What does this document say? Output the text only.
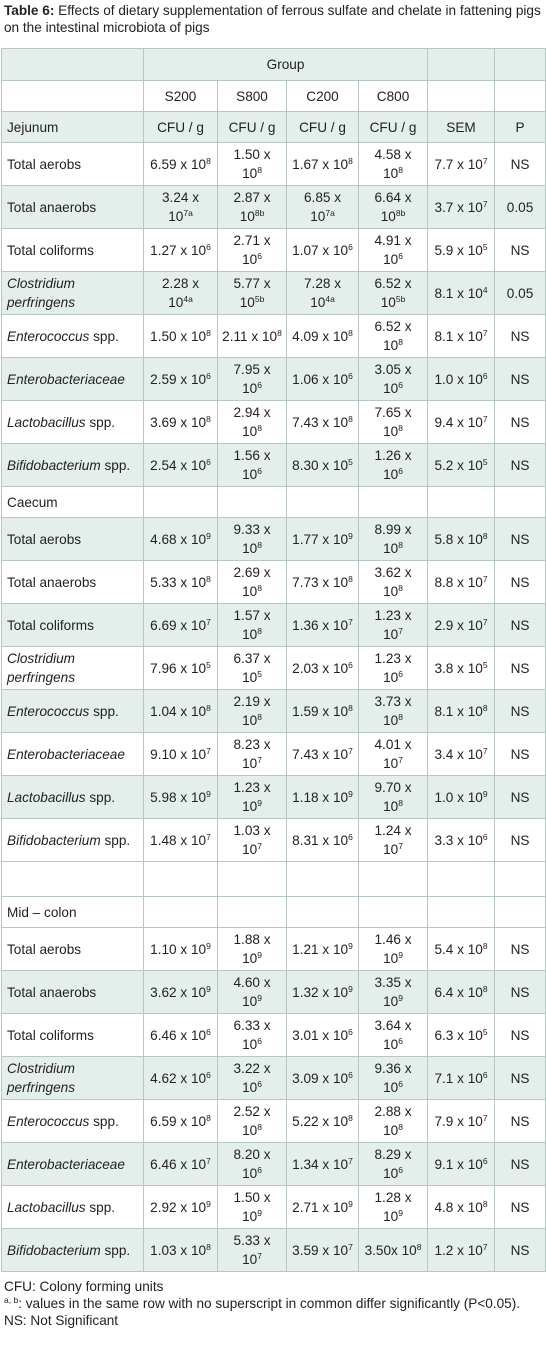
Table 6: Effects of dietary supplementation of ferrous sulfate and chelate in fattening pigs on the intestinal microbiota of pigs
	Group					
	S200	S800	C200	C800		
Jejunum	CFU / g	CFU / g	CFU / g	CFU / g	SEM	P
Total aerobs	6.59 x $10^8$	1.50 x $10^8$	1.67 x $10^8$	4.58 x $10^8$	7.7 x $10^7$	NS
Total anaerobs	3.24 x $10^{7a}$	2.87 x $10^{8b}$	6.85 x $10^{7a}$	6.64 x $10^{8b}$	3.7 x $10^7$	0.05
Total coliforms	1.27 x $10^6$	2.71 x $10^6$	1.07 x $10^6$	4.91 x $10^6$	5.9 x $10^5$	NS
Clostridium perfringens	2.28 x $10^{4a}$	5.77 x $10^{5b}$	7.28 x $10^{4a}$	6.52 x $10^{5b}$	8.1 x $10^4$	0.05
Enterococcus spp.	1.50 x $10^8$	2.11 x $10^8$	4.09 x $10^8$	6.52 x $10^8$	8.1 x $10^7$	NS
Enterobacteriaceae	2.59 x $10^6$	7.95 x $10^6$	1.06 x $10^6$	3.05 x $10^6$	1.0 x $10^6$	NS
Lactobacillus spp.	3.69 x $10^8$	2.94 x $10^8$	7.43 x $10^8$	7.65 x $10^8$	9.4 x $10^7$	NS
Bifidobacterium spp.	2.54 x $10^6$	1.56 x $10^6$	8.30 x $10^5$	1.26 x $10^6$	5.2 x $10^5$	NS
Caecum						
Total aerobs	4.68 x $10^9$	9.33 x $10^8$	1.77 x $10^9$	8.99 x $10^8$	5.8 x $10^8$	NS
Total anaerobs	5.33 x $10^8$	2.69 x $10^8$	7.73 x $10^8$	3.62 x $10^8$	8.8 x $10^7$	NS
Total coliforms	6.69 x $10^7$	1.57 x $10^8$	1.36 x $10^7$	1.23 x $10^7$	2.9 x $10^7$	NS
Clostridium perfringens	7.96 x $10^5$	6.37 x $10^5$	2.03 x $10^6$	1.23 x $10^6$	3.8 x $10^5$	NS
Enterococcus spp.	1.04 x $10^8$	2.19 x $10^8$	1.59 x $10^8$	3.73 x $10^8$	8.1 x $10^8$	NS
Enterobacteriaceae	9.10 x $10^7$	8.23 x $10^7$	7.43 x $10^7$	4.01 x $10^7$	3.4 x $10^7$	NS
Lactobacillus spp.	5.98 x $10^9$	1.23 x $10^9$	1.18 x $10^9$	9.70 x $10^8$	1.0 x $10^9$	NS
Bifidobacterium spp.	1.48 x $10^7$	1.03 x $10^7$	8.31 x $10^6$	1.24 x $10^7$	3.3 x $10^6$	NS

Mid – colon						
Total aerobs	1.10 x $10^9$	1.88 x $10^9$	1.21 x $10^9$	1.46 x $10^9$	5.4 x $10^8$	NS
Total anaerobs	3.62 x $10^9$	4.60 x $10^9$	1.32 x $10^9$	3.35 x $10^9$	6.4 x $10^8$	NS
Total coliforms	6.46 x $10^6$	6.33 x $10^6$	3.01 x $10^6$	3.64 x $10^6$	6.3 x $10^5$	NS
Clostridium perfringens	4.62 x $10^6$	3.22 x $10^6$	3.09 x $10^6$	9.36 x $10^6$	7.1 x $10^6$	NS
Enterococcus spp.	6.59 x $10^8$	2.52 x $10^8$	5.22 x $10^8$	2.88 x $10^8$	7.9 x $10^7$	NS
Enterobacteriaceae	6.46 x $10^7$	8.20 x $10^6$	1.34 x $10^7$	8.29 x $10^6$	9.1 x $10^6$	NS
Lactobacillus spp.	2.92 x $10^9$	1.50 x $10^9$	2.71 x $10^9$	1.28 x $10^9$	4.8 x $10^8$	NS
Bifidobacterium spp.	1.03 x $10^8$	5.33 x $10^7$	3.59 x $10^7$	3.50x $10^8$	1.2 x $10^7$	NS
CFU: Colony forming units
$^{a, b}$: values in the same row with no superscript in common differ significantly (P<0.05).
NS: Not Significant
